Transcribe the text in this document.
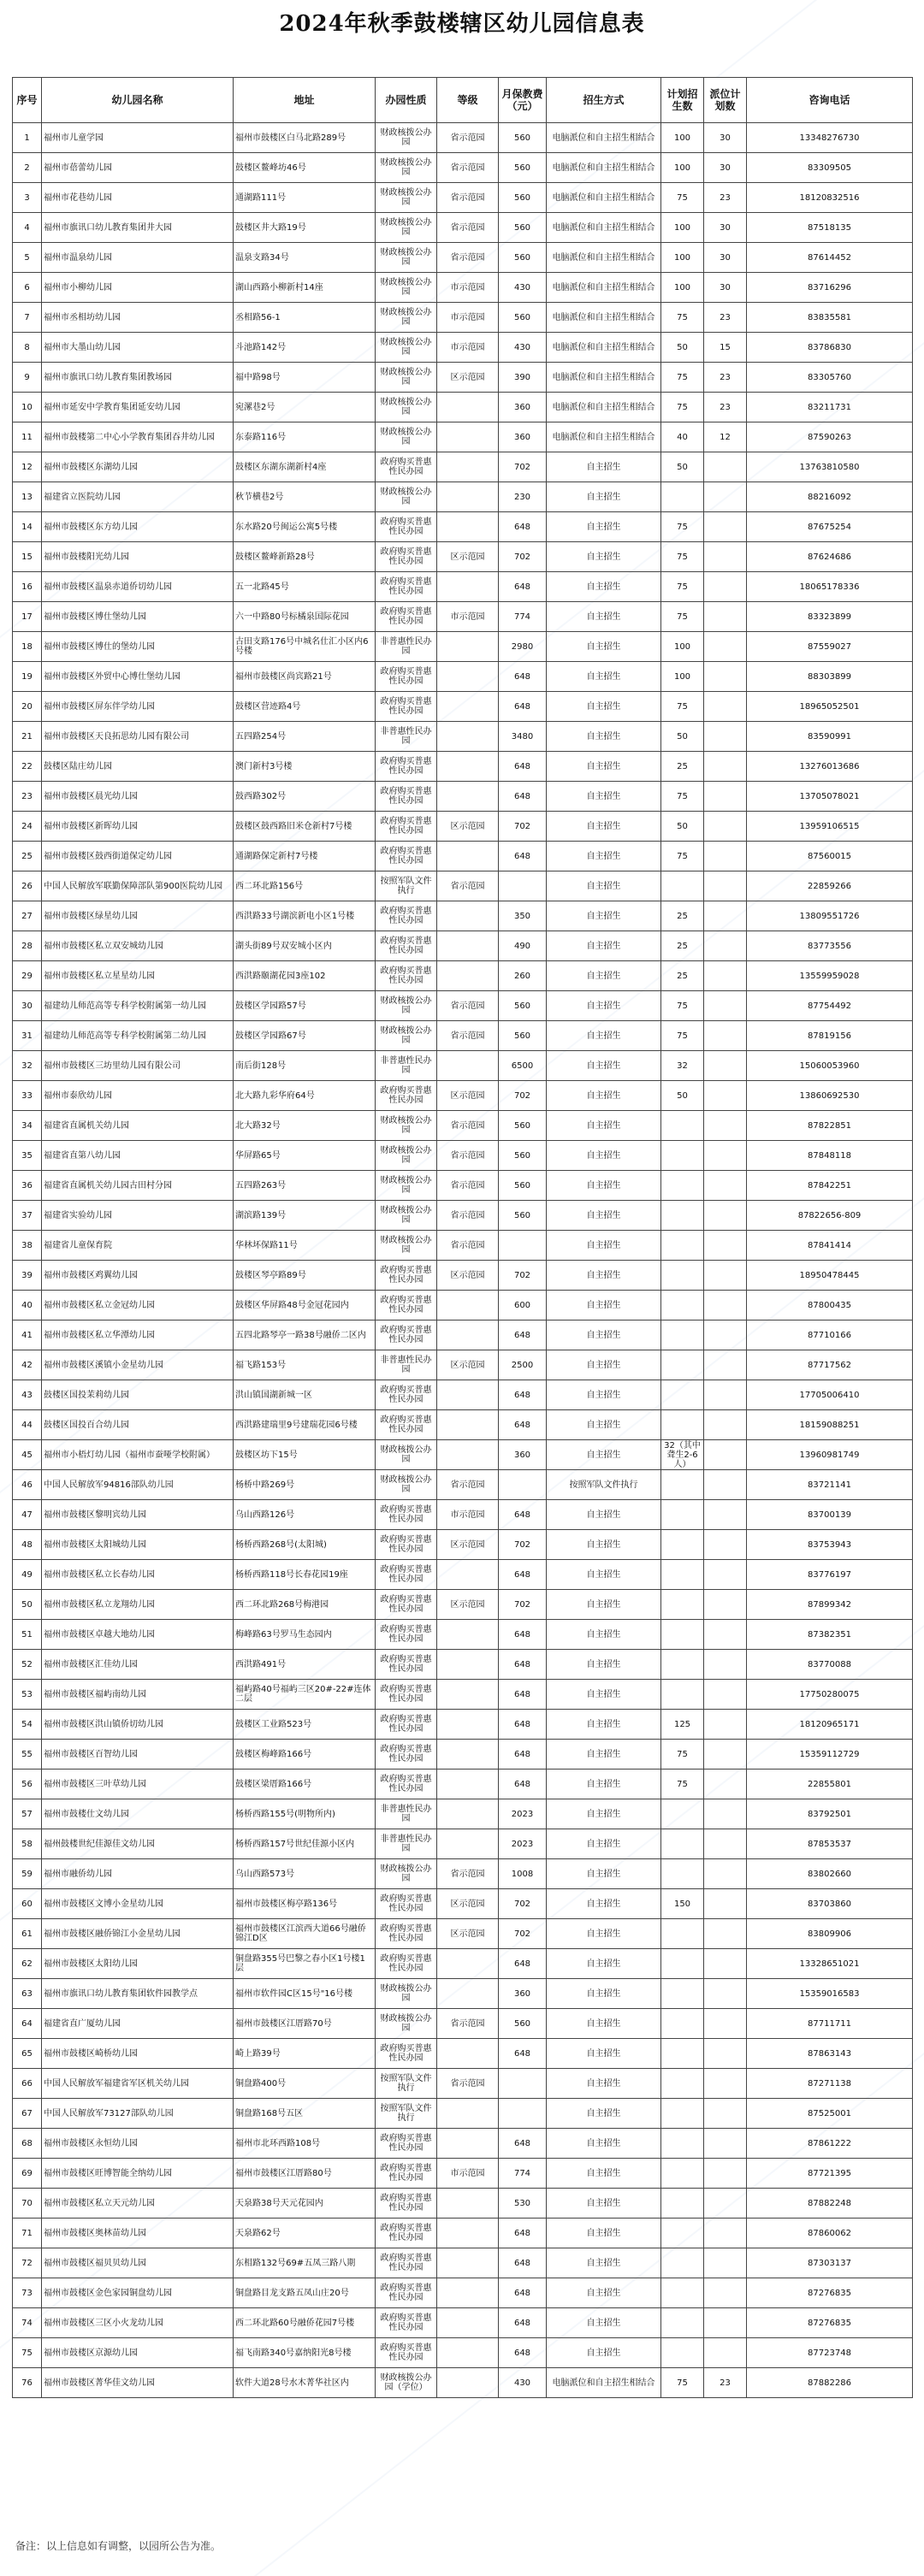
2024年秋季鼓楼辖区幼儿园信息表
序号	幼儿园名称	地址	办园性质	等级	月保教费（元）	招生方式	计划招生数	派位计划数	咨询电话
1	福州市儿童学园	福州市鼓楼区白马北路289号	财政核拨公办园	省示范园	560	电脑派位和自主招生相结合	100	30	13348276730
2	福州市蓓蕾幼儿园	鼓楼区鳌峰坊46号	财政核拨公办园	省示范园	560	电脑派位和自主招生相结合	100	30	83309505
3	福州市花巷幼儿园	通湖路111号	财政核拨公办园	省示范园	560	电脑派位和自主招生相结合	75	23	18120832516
4	福州市旗讯口幼儿教育集团井大园	鼓楼区井大路19号	财政核拨公办园	省示范园	560	电脑派位和自主招生相结合	100	30	87518135
5	福州市温泉幼儿园	温泉支路34号	财政核拨公办园	省示范园	560	电脑派位和自主招生相结合	100	30	87614452
6	福州市小柳幼儿园	湖山西路小柳新村14座	财政核拨公办园	市示范园	430	电脑派位和自主招生相结合	100	30	83716296
7	福州市丞相坊幼儿园	丞相路56-1	财政核拨公办园	市示范园	560	电脑派位和自主招生相结合	75	23	83835581
8	福州市大墨山幼儿园	斗池路142号	财政核拨公办园	市示范园	430	电脑派位和自主招生相结合	50	15	83786830
9	福州市旗讯口幼儿教育集团教场园	福中路98号	财政核拨公办园	区示范园	390	电脑派位和自主招生相结合	75	23	83305760
10	福州市延安中学教育集团延安幼儿园	宛漯巷2号	财政核拨公办园		360	电脑派位和自主招生相结合	75	23	83211731
11	福州市鼓楼第二中心小学教育集团吞井幼儿园	东泰路116号	财政核拨公办园		360	电脑派位和自主招生相结合	40	12	87590263
12	福州市鼓楼区东湖幼儿园	鼓楼区东湖东湖新村4座	政府购买普惠性民办园		702	自主招生	50		13763810580
13	福建省立医院幼儿园	秋节横巷2号	财政核拨公办园		230	自主招生			88216092
14	福州市鼓楼区东方幼儿园	东水路20号闽运公寓5号楼	政府购买普惠性民办园		648	自主招生	75		87675254
15	福州市鼓楼阳光幼儿园	鼓楼区鳌峰新路28号	政府购买普惠性民办园	区示范园	702	自主招生	75		87624686
16	福州市鼓楼区温泉赤道侨切幼儿园	五一北路45号	政府购买普惠性民办园		648	自主招生	75		18065178336
17	福州市鼓楼区博仕堡幼儿园	六一中路80号标橘泉国际花园	政府购买普惠性民办园	市示范园	774	自主招生	75		83323899
18	福州市鼓楼区博仕的堡幼儿园	古田支路176号中城名仕汇小区内6号楼	非普惠性民办园		2980	自主招生	100		87559027
19	福州市鼓楼区外贸中心博仕堡幼儿园	福州市鼓楼区尚宾路21号	政府购买普惠性民办园		648	自主招生	100		88303899
20	福州市鼓楼区屏东伴学幼儿园	鼓楼区营迹路4号	政府购买普惠性民办园		648	自主招生	75		18965052501
21	福州市鼓楼区天良拓思幼儿园有限公司	五四路254号	非普惠性民办园		3480	自主招生	50		83590991
22	鼓楼区陆庄幼儿园	澳门新村3号楼	政府购买普惠性民办园		648	自主招生	25		13276013686
23	福州市鼓楼区晨光幼儿园	鼓西路302号	政府购买普惠性民办园		648	自主招生	75		13705078021
24	福州市鼓楼区新晖幼儿园	鼓楼区鼓西路旧米仓新村7号楼	政府购买普惠性民办园	区示范园	702	自主招生	50		13959106515
25	福州市鼓楼区鼓西街道保定幼儿园	通湖路保定新村7号楼	政府购买普惠性民办园		648	自主招生	75		87560015
26	中国人民解放军联勤保障部队第900医院幼儿园	西二环北路156号	按照军队文件执行	省示范园		自主招生			22859266
27	福州市鼓楼区绿星幼儿园	西洪路33号湖滨新电小区1号楼	政府购买普惠性民办园		350	自主招生	25		13809551726
28	福州市鼓楼区私立双安城幼儿园	湖头街89号双安城小区内	政府购买普惠性民办园		490	自主招生	25		83773556
29	福州市鼓楼区私立星星幼儿园	西洪路颐湖花园3座102	政府购买普惠性民办园		260	自主招生	25		13559959028
30	福建幼儿师范高等专科学校附属第一幼儿园	鼓楼区学园路57号	财政核拨公办园	省示范园	560	自主招生	75		87754492
31	福建幼儿师范高等专科学校附属第二幼儿园	鼓楼区学园路67号	财政核拨公办园	省示范园	560	自主招生	75		87819156
32	福州市鼓楼区三坊里幼儿园有限公司	南后街128号	非普惠性民办园		6500	自主招生	32		15060053960
33	福州市泰欣幼儿园	北大路九彩华府64号	政府购买普惠性民办园	区示范园	702	自主招生	50		13860692530
34	福建省直属机关幼儿园	北大路32号	财政核拨公办园	省示范园	560	自主招生			87822851
35	福建省直第八幼儿园	华屏路65号	财政核拨公办园	省示范园	560	自主招生			87848118
36	福建省直属机关幼儿园古田村分园	五四路263号	财政核拨公办园	省示范园	560	自主招生			87842251
37	福建省实验幼儿园	湖滨路139号	财政核拨公办园	省示范园	560	自主招生			87822656-809
38	福建省儿童保育院	华林坏保路11号	财政核拨公办园	省示范园		自主招生			87841414
39	福州市鼓楼区鸡翼幼儿园	鼓楼区琴亭路89号	政府购买普惠性民办园	区示范园	702	自主招生			18950478445
40	福州市鼓楼区私立金冠幼儿园	鼓楼区华屏路48号金冠花园内	政府购买普惠性民办园		600	自主招生			87800435
41	福州市鼓楼区私立华潭幼儿园	五四北路琴亭一路38号融侨二区内	政府购买普惠性民办园		648	自主招生			87710166
42	福州市鼓楼区溪镇小金星幼儿园	福飞路153号	非普惠性民办园	区示范园	2500	自主招生			87717562
43	鼓楼区国投茉莉幼儿园	洪山镇国湖新城一区	政府购买普惠性民办园		648	自主招生			17705006410
44	鼓楼区国投百合幼儿园	西洪路建瑞里9号建瑞花园6号楼	政府购买普惠性民办园		648	自主招生			18159088251
45	福州市小梧灯幼儿园（福州市蚕哑学校附属）	鼓楼区坊下15号	财政核拨公办园		360	自主招生	32（其中聋生2-6人）		13960981749
46	中国人民解放军94816部队幼儿园	杨桥中路269号	财政核拨公办园	省示范园		按照军队文件执行			83721141
47	福州市鼓楼区黎明宾幼儿园	乌山西路126号	政府购买普惠性民办园	市示范园	648	自主招生			83700139
48	福州市鼓楼区太阳城幼儿园	杨桥西路268号(太阳城)	政府购买普惠性民办园	区示范园	702	自主招生			83753943
49	福州市鼓楼区私立长春幼儿园	杨桥西路118号长春花园19座	政府购买普惠性民办园		648	自主招生			83776197
50	福州市鼓楼区私立龙翔幼儿园	西二环北路268号梅港园	政府购买普惠性民办园	区示范园	702	自主招生			87899342
51	福州市鼓楼区卓越大地幼儿园	梅峰路63号罗马生态园内	政府购买普惠性民办园		648	自主招生			87382351
52	福州市鼓楼区汇佳幼儿园	西洪路491号	政府购买普惠性民办园		648	自主招生			83770088
53	福州市鼓楼区福屿南幼儿园	福屿路40号福屿三区20#-22#连体二层	政府购买普惠性民办园		648	自主招生			17750280075
54	福州市鼓楼区洪山镇侨切幼儿园	鼓楼区工业路523号	政府购买普惠性民办园		648	自主招生	125		18120965171
55	福州市鼓楼区百智幼儿园	鼓楼区梅峰路166号	政府购买普惠性民办园		648	自主招生	75		15359112729
56	福州市鼓楼区三叶草幼儿园	鼓楼区梁厝路166号	政府购买普惠性民办园		648	自主招生	75		22855801
57	福州市鼓楼仕文幼儿园	杨桥西路155号(明物所内)	非普惠性民办园		2023	自主招生			83792501
58	福州鼓楼世纪佳源佳文幼儿园	杨桥西路157号世纪佳源小区内	非普惠性民办园		2023	自主招生			87853537
59	福州市融侨幼儿园	乌山西路573号	财政核拨公办园	省示范园	1008	自主招生			83802660
60	福州市鼓楼区文博小金星幼儿园	福州市鼓楼区梅亭路136号	政府购买普惠性民办园	区示范园	702	自主招生	150		83703860
61	福州市鼓楼区融侨锦江小金星幼儿园	福州市鼓楼区江滨西大道66号融侨锦江D区	政府购买普惠性民办园	区示范园	702	自主招生			83809906
62	福州市鼓楼区太阳幼儿园	铜盘路355号巴黎之春小区1号楼1层	政府购买普惠性民办园		648	自主招生			13328651021
63	福州市旗讯口幼儿教育集团软件园教学点	福州市软件园C区15号"16号楼	财政核拨公办园		360	自主招生			15359016583
64	福建省直广厦幼儿园	福州市鼓楼区江厝路70号	财政核拨公办园	省示范园	560	自主招生			87711711
65	福州市鼓楼区崎桥幼儿园	崎上路39号	政府购买普惠性民办园		648	自主招生			87863143
66	中国人民解放军福建省军区机关幼儿园	铜盘路400号	按照军队文件执行	省示范园		自主招生			87271138
67	中国人民解放军73127部队幼儿园	铜盘路168号五区	按照军队文件执行			自主招生			87525001
68	福州市鼓楼区永恒幼儿园	福州市北环西路108号	政府购买普惠性民办园		648	自主招生			87861222
69	福州市鼓楼区旺博智能全纳幼儿园	福州市鼓楼区江厝路80号	政府购买普惠性民办园	市示范园	774	自主招生			87721395
70	福州市鼓楼区私立天元幼儿园	天泉路38号天元花园内	政府购买普惠性民办园		530	自主招生			87882248
71	福州市鼓楼区奥林苗幼儿园	天泉路62号	政府购买普惠性民办园		648	自主招生			87860062
72	福州市鼓楼区福贝贝幼儿园	东相路132号69#五凤三路八期	政府购买普惠性民办园		648	自主招生			87303137
73	福州市鼓楼区金色家园铜盘幼儿园	铜盘路目龙支路五凤山庄20号	政府购买普惠性民办园		648	自主招生			87276835
74	福州市鼓楼区三区小火龙幼儿园	西二环北路60号融侨花园7号楼	政府购买普惠性民办园		648	自主招生			87276835
75	福州市鼓楼区京源幼儿园	福飞南路340号嘉纳阳光8号楼	政府购买普惠性民办园		648	自主招生			87723748
76	福州市鼓楼区菁华佳文幼儿园	软件大道28号水木菁华社区内	财政核拨公办园（学位）		430	电脑派位和自主招生相结合	75	23	87882286
备注：以上信息如有调整，以园所公告为准。
